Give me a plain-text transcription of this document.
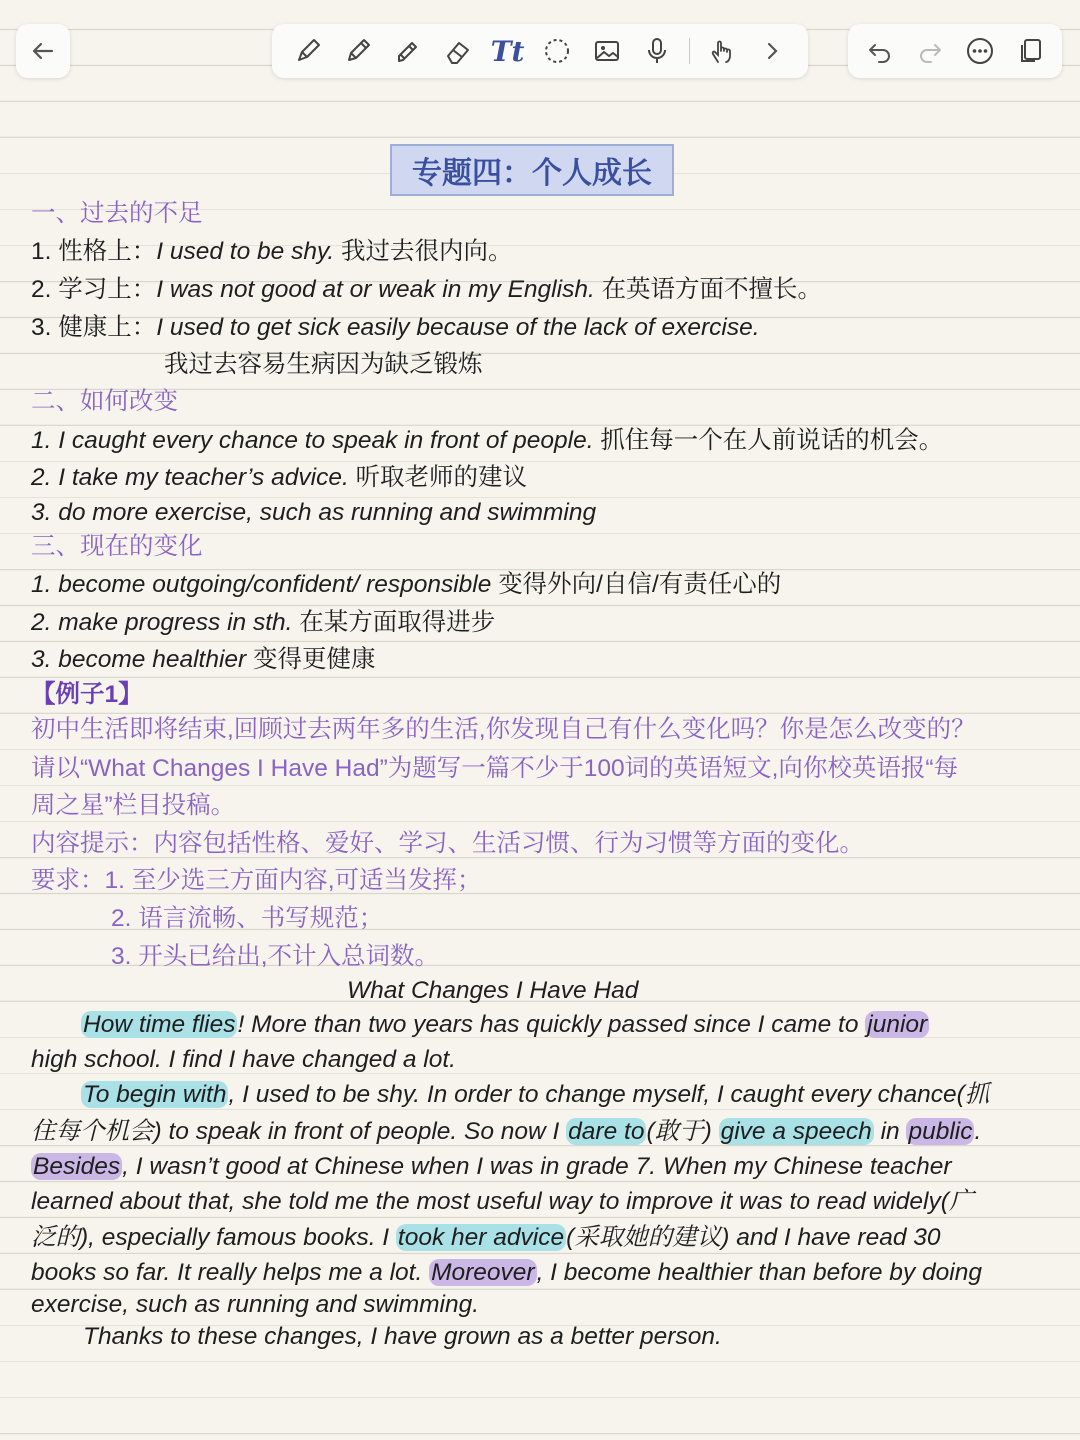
Tt
专题四：个人成长
一、过去的不足
1. 性格上：I used to be shy. 我过去很内向。
2. 学习上：I was not good at or weak in my English. 在英语方面不擅长。
3. 健康上：I used to get sick easily because of the lack of exercise.
我过去容易生病因为缺乏锻炼
二、如何改变
1. I caught every chance to speak in front of people. 抓住每一个在人前说话的机会。
2. I take my teacher’s advice. 听取老师的建议
3. do more exercise, such as running and swimming
三、现在的变化
1. become outgoing/confident/ responsible 变得外向/自信/有责任心的
2. make progress in sth. 在某方面取得进步
3. become healthier 变得更健康
【例子1】
初中生活即将结束,回顾过去两年多的生活,你发现自己有什么变化吗？你是怎么改变的？
请以“What Changes I Have Had”为题写一篇不少于100词的英语短文,向你校英语报“每
周之星”栏目投稿。
内容提示：内容包括性格、爱好、学习、生活习惯、行为习惯等方面的变化。
要求：1. 至少选三方面内容,可适当发挥；
2. 语言流畅、书写规范；
3. 开头已给出,不计入总词数。
What Changes I Have Had
How time flies! More than two years has quickly passed since I came to junior
high school. I find I have changed a lot.
To begin with, I used to be shy. In order to change myself, I caught every chance(抓
住每个机会) to speak in front of people. So now I dare to(敢于) give a speech in public.
Besides, I wasn’t good at Chinese when I was in grade 7. When my Chinese teacher
learned about that, she told me the most useful way to improve it was to read widely(广
泛的), especially famous books. I took her advice(采取她的建议) and I have read 30
books so far. It really helps me a lot. Moreover, I become healthier than before by doing
exercise, such as running and swimming.
Thanks to these changes, I have grown as a better person.
